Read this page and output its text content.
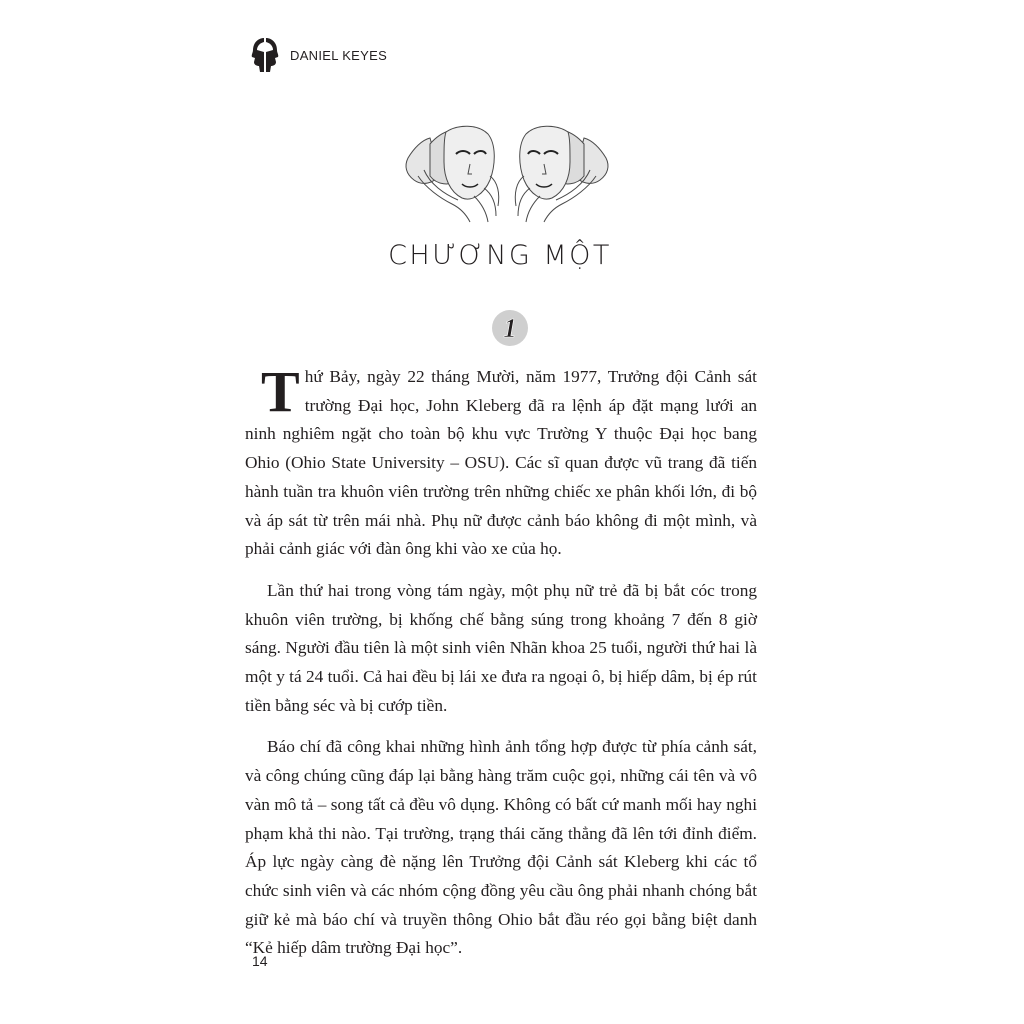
DANIEL KEYES
CHƯƠNG MỘT
1

Thứ Bảy, ngày 22 tháng Mười, năm 1977, Trưởng đội Cảnh sát trường Đại học, John Kleberg đã ra lệnh áp đặt mạng lưới an ninh nghiêm ngặt cho toàn bộ khu vực Trường Y thuộc Đại học bang Ohio (Ohio State University – OSU). Các sĩ quan được vũ trang đã tiến hành tuần tra khuôn viên trường trên những chiếc xe phân khối lớn, đi bộ và áp sát từ trên mái nhà. Phụ nữ được cảnh báo không đi một mình, và phải cảnh giác với đàn ông khi vào xe của họ.

Lần thứ hai trong vòng tám ngày, một phụ nữ trẻ đã bị bắt cóc trong khuôn viên trường, bị khống chế bằng súng trong khoảng 7 đến 8 giờ sáng. Người đầu tiên là một sinh viên Nhãn khoa 25 tuổi, người thứ hai là một y tá 24 tuổi. Cả hai đều bị lái xe đưa ra ngoại ô, bị hiếp dâm, bị ép rút tiền bằng séc và bị cướp tiền.

Báo chí đã công khai những hình ảnh tổng hợp được từ phía cảnh sát, và công chúng cũng đáp lại bằng hàng trăm cuộc gọi, những cái tên và vô vàn mô tả – song tất cả đều vô dụng. Không có bất cứ manh mối hay nghi phạm khả thi nào. Tại trường, trạng thái căng thẳng đã lên tới đỉnh điểm. Áp lực ngày càng đè nặng lên Trưởng đội Cảnh sát Kleberg khi các tổ chức sinh viên và các nhóm cộng đồng yêu cầu ông phải nhanh chóng bắt giữ kẻ mà báo chí và truyền thông Ohio bắt đầu réo gọi bằng biệt danh “Kẻ hiếp dâm trường Đại học”.

14
